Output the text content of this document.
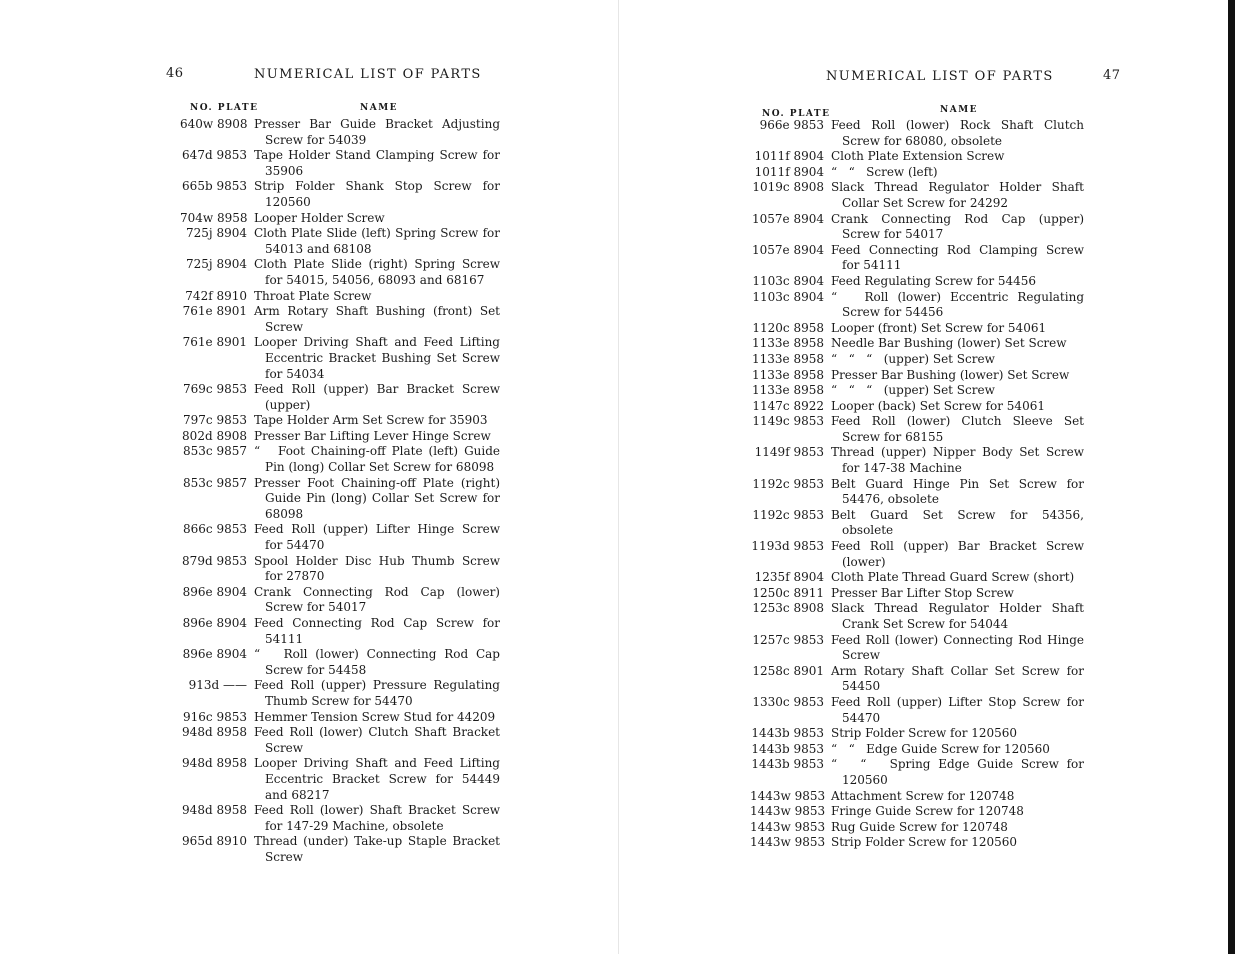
46	NUMERICAL LIST OF PARTS
NO. PLATE	NAME
640w 8908 Presser Bar Guide Bracket Adjusting Screw for 54039
647d 9853 Tape Holder Stand Clamping Screw for 35906
665b 9853 Strip Folder Shank Stop Screw for 120560
704w 8958 Looper Holder Screw
725j 8904 Cloth Plate Slide (left) Spring Screw for 54013 and 68108
725j 8904 Cloth Plate Slide (right) Spring Screw for 54015, 54056, 68093 and 68167
742f 8910 Throat Plate Screw
761e 8901 Arm Rotary Shaft Bushing (front) Set Screw
761e 8901 Looper Driving Shaft and Feed Lifting Eccentric Bracket Bushing Set Screw for 54034
769c 9853 Feed Roll (upper) Bar Bracket Screw (upper)
797c 9853 Tape Holder Arm Set Screw for 35903
802d 8908 Presser Bar Lifting Lever Hinge Screw
853c 9857 “   Foot Chaining-off Plate (left) Guide Pin (long) Collar Set Screw for 68098
853c 9857 Presser Foot Chaining-off Plate (right) Guide Pin (long) Collar Set Screw for 68098
866c 9853 Feed Roll (upper) Lifter Hinge Screw for 54470
879d 9853 Spool Holder Disc Hub Thumb Screw for 27870
896e 8904 Crank Connecting Rod Cap (lower) Screw for 54017
896e 8904 Feed Connecting Rod Cap Screw for 54111
896e 8904 “   Roll (lower) Connecting Rod Cap Screw for 54458
913d —— Feed Roll (upper) Pressure Regulating Thumb Screw for 54470
916c 9853 Hemmer Tension Screw Stud for 44209
948d 8958 Feed Roll (lower) Clutch Shaft Bracket Screw
948d 8958 Looper Driving Shaft and Feed Lifting Eccentric Bracket Screw for 54449 and 68217
948d 8958 Feed Roll (lower) Shaft Bracket Screw for 147-29 Machine, obsolete
965d 8910 Thread (under) Take-up Staple Bracket Screw
NUMERICAL LIST OF PARTS	47
NO. PLATE	NAME
966e 9853 Feed Roll (lower) Rock Shaft Clutch Screw for 68080, obsolete
1011f 8904 Cloth Plate Extension Screw
1011f 8904 “   “   Screw (left)
1019c 8908 Slack Thread Regulator Holder Shaft Collar Set Screw for 24292
1057e 8904 Crank Connecting Rod Cap (upper) Screw for 54017
1057e 8904 Feed Connecting Rod Clamping Screw for 54111
1103c 8904 Feed Regulating Screw for 54456
1103c 8904 “   Roll (lower) Eccentric Regulating Screw for 54456
1120c 8958 Looper (front) Set Screw for 54061
1133e 8958 Needle Bar Bushing (lower) Set Screw
1133e 8958 “   “   “   (upper) Set Screw
1133e 8958 Presser Bar Bushing (lower) Set Screw
1133e 8958 “   “   “   (upper) Set Screw
1147c 8922 Looper (back) Set Screw for 54061
1149c 9853 Feed Roll (lower) Clutch Sleeve Set Screw for 68155
1149f 9853 Thread (upper) Nipper Body Set Screw for 147-38 Machine
1192c 9853 Belt Guard Hinge Pin Set Screw for 54476, obsolete
1192c 9853 Belt Guard Set Screw for 54356, obsolete
1193d 9853 Feed Roll (upper) Bar Bracket Screw (lower)
1235f 8904 Cloth Plate Thread Guard Screw (short)
1250c 8911 Presser Bar Lifter Stop Screw
1253c 8908 Slack Thread Regulator Holder Shaft Crank Set Screw for 54044
1257c 9853 Feed Roll (lower) Connecting Rod Hinge Screw
1258c 8901 Arm Rotary Shaft Collar Set Screw for 54450
1330c 9853 Feed Roll (upper) Lifter Stop Screw for 54470
1443b 9853 Strip Folder Screw for 120560
1443b 9853 “   “   Edge Guide Screw for 120560
1443b 9853 “   “   Spring Edge Guide Screw for 120560
1443w 9853 Attachment Screw for 120748
1443w 9853 Fringe Guide Screw for 120748
1443w 9853 Rug Guide Screw for 120748
1443w 9853 Strip Folder Screw for 120560
